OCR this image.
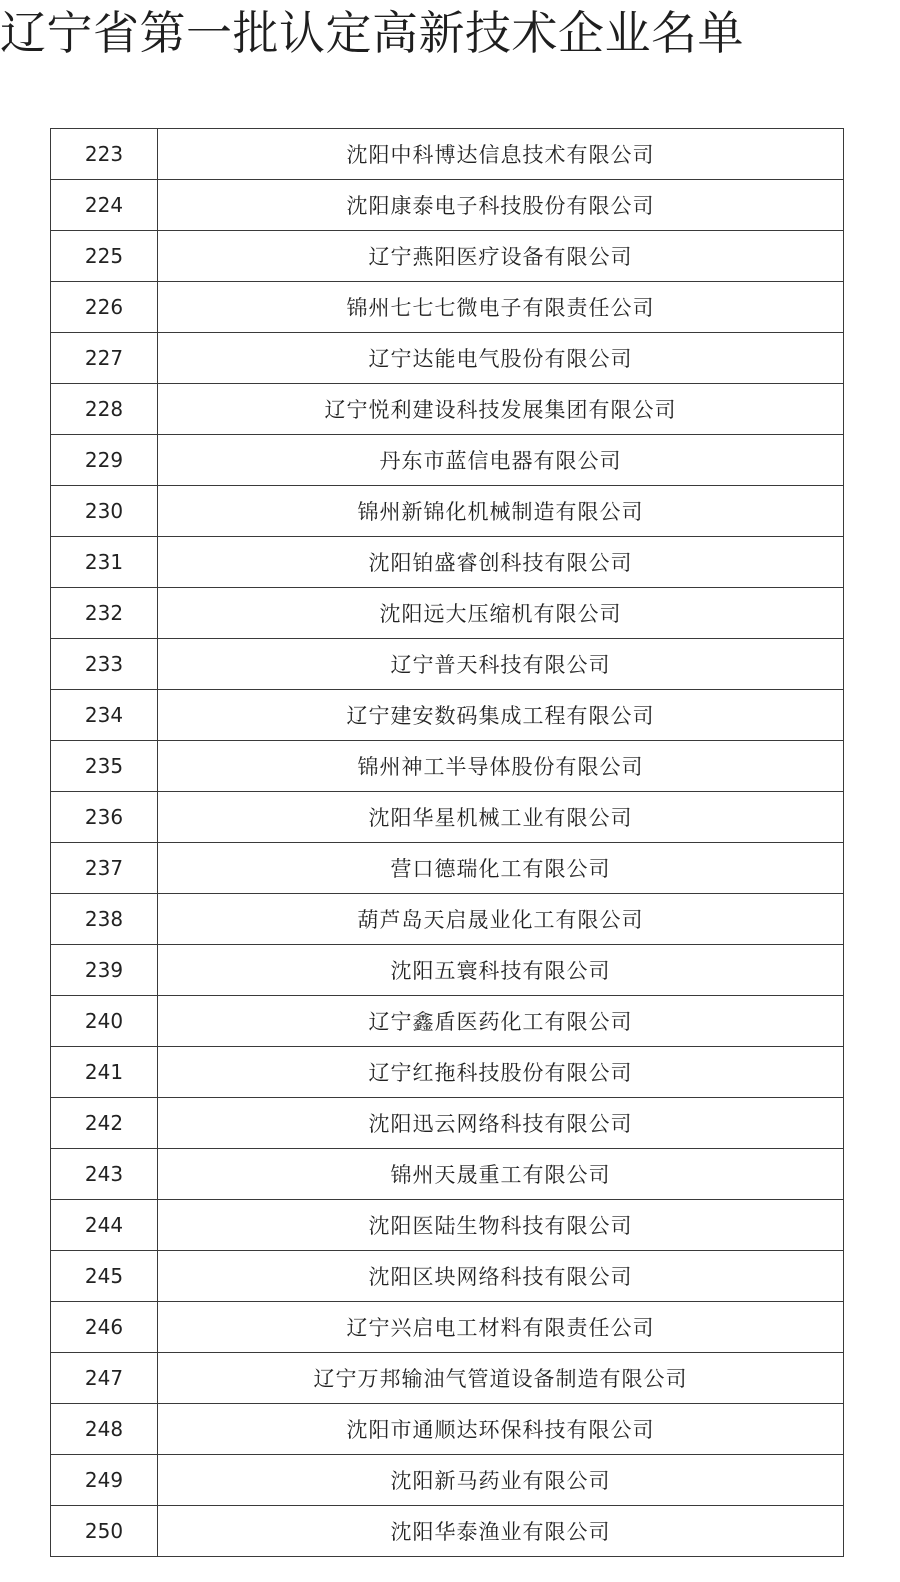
辽宁省第一批认定高新技术企业名单
223	沈阳中科博达信息技术有限公司
224	沈阳康泰电子科技股份有限公司
225	辽宁燕阳医疗设备有限公司
226	锦州七七七微电子有限责任公司
227	辽宁达能电气股份有限公司
228	辽宁悦利建设科技发展集团有限公司
229	丹东市蓝信电器有限公司
230	锦州新锦化机械制造有限公司
231	沈阳铂盛睿创科技有限公司
232	沈阳远大压缩机有限公司
233	辽宁普天科技有限公司
234	辽宁建安数码集成工程有限公司
235	锦州神工半导体股份有限公司
236	沈阳华星机械工业有限公司
237	营口德瑞化工有限公司
238	葫芦岛天启晟业化工有限公司
239	沈阳五寰科技有限公司
240	辽宁鑫盾医药化工有限公司
241	辽宁红拖科技股份有限公司
242	沈阳迅云网络科技有限公司
243	锦州天晟重工有限公司
244	沈阳医陆生物科技有限公司
245	沈阳区块网络科技有限公司
246	辽宁兴启电工材料有限责任公司
247	辽宁万邦输油气管道设备制造有限公司
248	沈阳市通顺达环保科技有限公司
249	沈阳新马药业有限公司
250	沈阳华泰渔业有限公司
